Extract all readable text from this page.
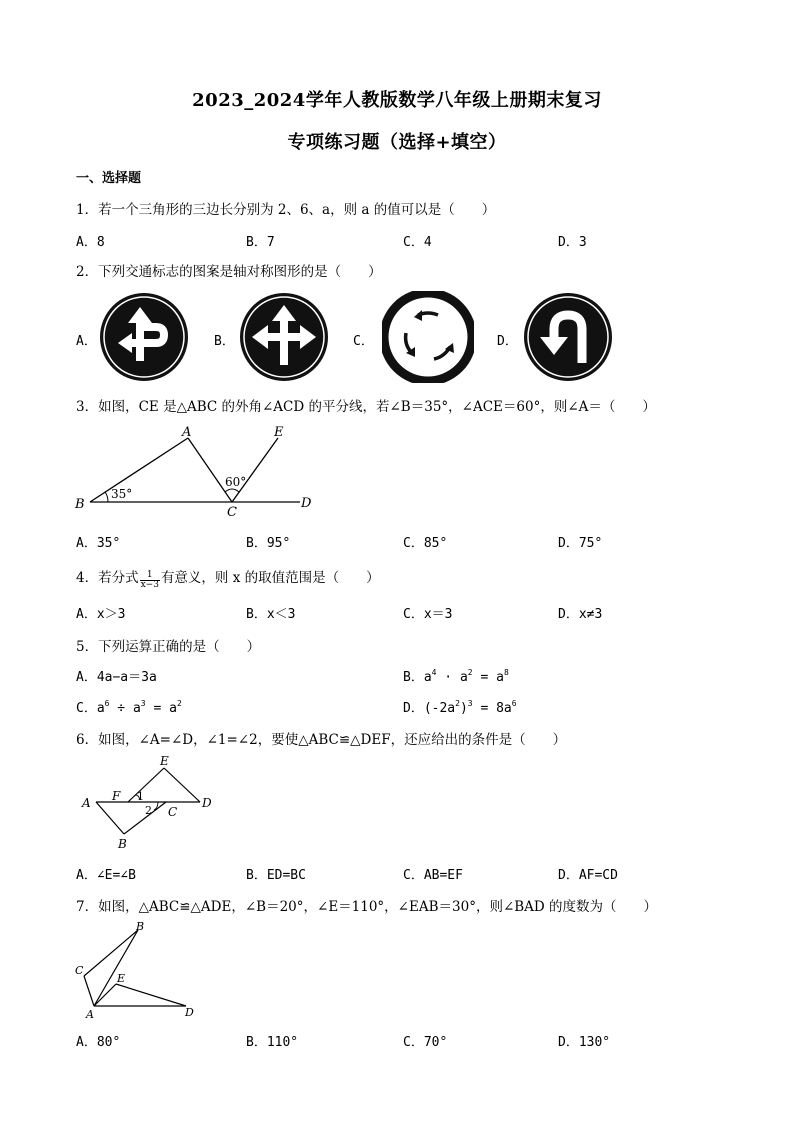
2023_2024学年人教版数学八年级上册期末复习
专项练习题（选择+填空）
一、选择题
1．若一个三角形的三边长分别为 2、6、a，则 a 的值可以是（　　）
A．8	B．7	C．4	D．3
2．下列交通标志的图案是轴对称图形的是（　　）
A．	B．	C．	D．
3．如图，CE 是△ABC 的外角∠ACD 的平分线，若∠B＝35°，∠ACE＝60°，则∠A＝（　　）
A
B
C
D
E
35°
60°
A．35°	B．95°	C．85°	D．75°
4．若分式 $\frac{1}{x-3}$ 有意义，则 x 的取值范围是（　　）
A．x＞3	B．x＜3	C．x＝3	D．x≠3
5．下列运算正确的是（　　）
A．4a−a＝3a	B．$a^4 \cdot a^2 = a^8$
C．$a^6 \div a^3 = a^2$	D．$(-2a^2)^3 = 8a^6$
6．如图，∠A=∠D，∠1=∠2，要使△ABC≌△DEF，还应给出的条件是（　　）
A
B
C
D
E
F 1
2
A．∠E=∠B	B．ED=BC	C．AB=EF	D．AF=CD
7．如图，△ABC≌△ADE，∠B＝20°，∠E＝110°，∠EAB＝30°，则∠BAD 的度数为（　　）
B
C
E
A	D
A．80°	B．110°	C．70°	D．130°
